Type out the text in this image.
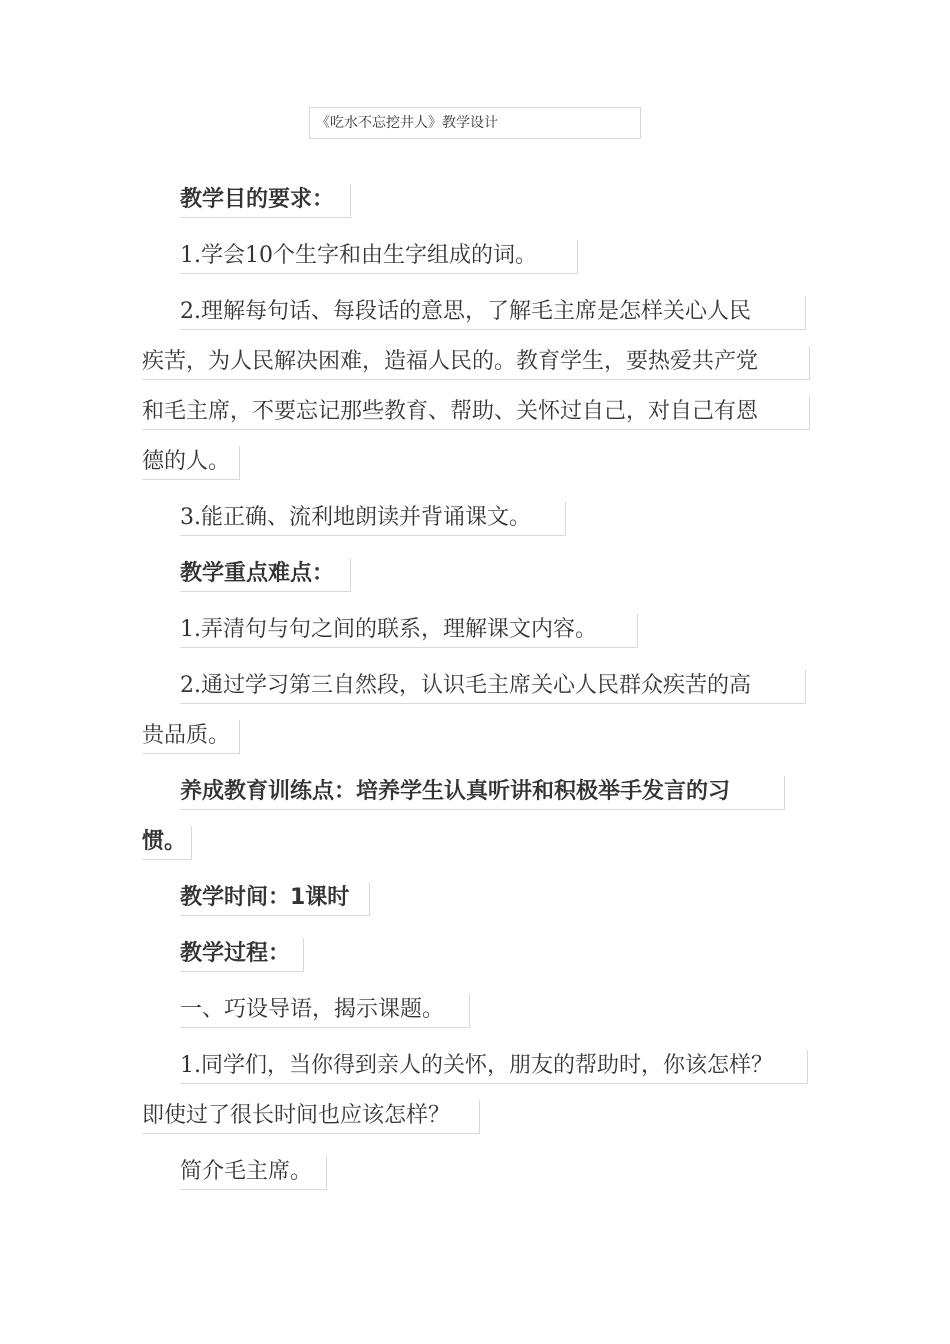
《吃水不忘挖井人》教学设计
教学目的要求：
1.学会10个生字和由生字组成的词。
2.理解每句话、每段话的意思，了解毛主席是怎样关心人民
疾苦，为人民解决困难，造福人民的。教育学生，要热爱共产党
和毛主席，不要忘记那些教育、帮助、关怀过自己，对自己有恩
德的人。
3.能正确、流利地朗读并背诵课文。
教学重点难点：
1.弄清句与句之间的联系，理解课文内容。
2.通过学习第三自然段，认识毛主席关心人民群众疾苦的高
贵品质。
养成教育训练点：培养学生认真听讲和积极举手发言的习
惯。
教学时间：1课时
教学过程：
一、巧设导语，揭示课题。
1.同学们，当你得到亲人的关怀，朋友的帮助时，你该怎样？
即使过了很长时间也应该怎样？
简介毛主席。
